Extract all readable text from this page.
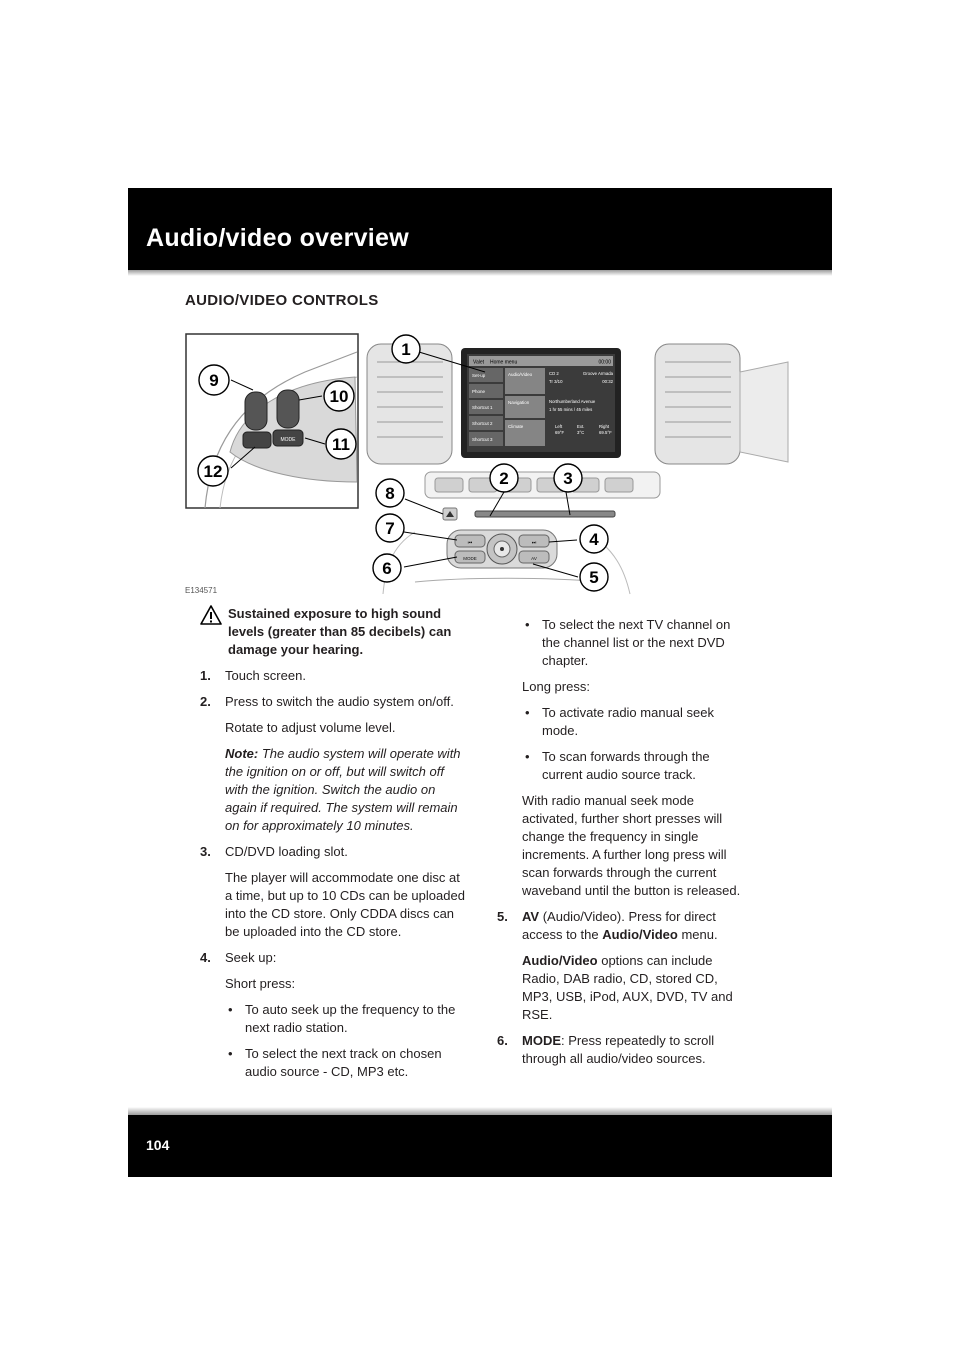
Audio/video overview
AUDIO/VIDEO CONTROLS
MODE
Valet Home menu	00:00
Set-up
Phone
Shortcut 1
Shortcut 2
Shortcut 3
Audio/Video
Navigation
Climate
CD 2	Groove Armada
Tr 3/10	00:32
Northumberland Avenue
1 hr 55 mins / 45 miles
Left	Ext.	Right
69°F	3°C	69.5°F
⏮	⏭
MODE	AV
1
9
10
11
12	2	3
8
7
6
4
5
E134571
Sustained exposure to high sound levels (greater than 85 decibels) can damage your hearing.
1. Touch screen.
2. Press to switch the audio system on/off.
Rotate to adjust volume level.
Note: The audio system will operate with the ignition on or off, but will switch off with the ignition. Switch the audio on again if required. The system will remain on for approximately 10 minutes.
3. CD/DVD loading slot.
The player will accommodate one disc at a time, but up to 10 CDs can be uploaded into the CD store. Only CDDA discs can be uploaded into the CD store.
4. Seek up:
Short press:
• To auto seek up the frequency to the next radio station.
• To select the next track on chosen audio source - CD, MP3 etc.
• To select the next TV channel on the channel list or the next DVD chapter.
Long press:
• To activate radio manual seek mode.
• To scan forwards through the current audio source track.
With radio manual seek mode activated, further short presses will change the frequency in single increments. A further long press will scan forwards through the current waveband until the button is released.
5. AV (Audio/Video). Press for direct access to the Audio/Video menu.
Audio/Video options can include Radio, DAB radio, CD, stored CD, MP3, USB, iPod, AUX, DVD, TV and RSE.
6. MODE: Press repeatedly to scroll through all audio/video sources.
104
